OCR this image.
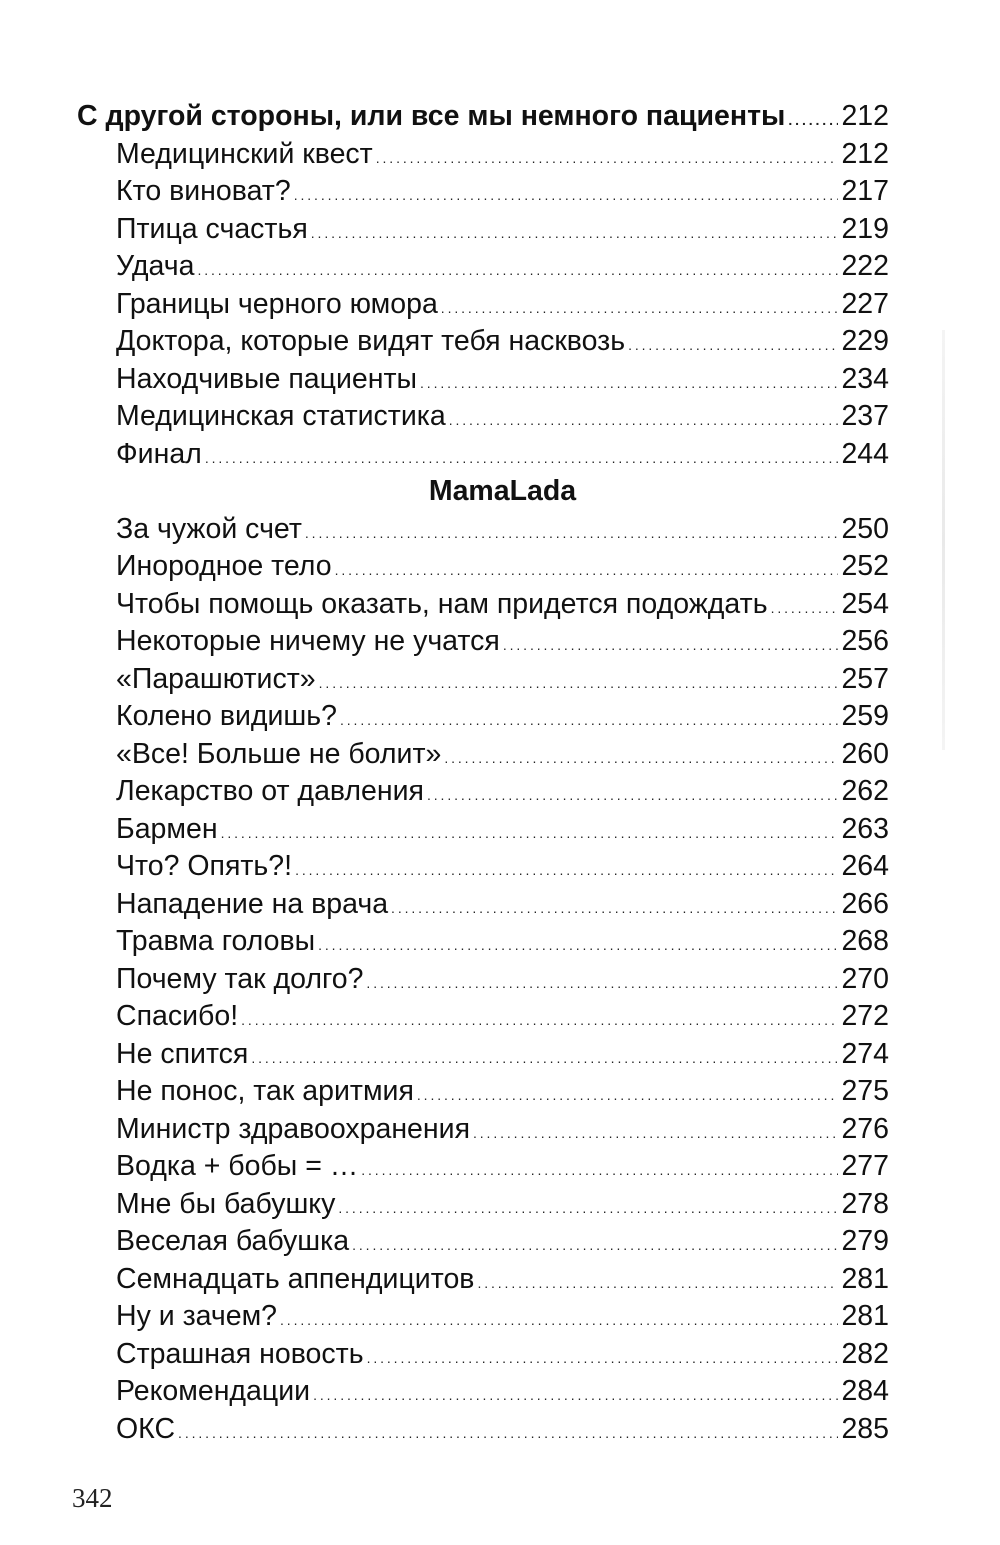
С другой стороны, или все мы немного пациенты . . . 212
Медицинский квест . . .	212
Кто виноват? . . .	217
Птица счастья . . .	219
Удача . . .	222
Границы черного юмора . . .	227
Доктора, которые видят тебя насквозь . . .	229
Находчивые пациенты . . .	234
Медицинская статистика . . .	237
Финал . . .	244
MamaLada
За чужой счет . . .	250
Инородное тело . . .	252
Чтобы помощь оказать, нам придется подождать . . .	254
Некоторые ничему не учатся . . .	256
«Парашютист» . . .	257
Колено видишь? . . .	259
«Все! Больше не болит» . . .	260
Лекарство от давления . . .	262
Бармен . . .	263
Что? Опять?! . . .	264
Нападение на врача . . .	266
Травма головы . . .	268
Почему так долго? . . .	270
Спасибо! . . .	272
Не спится . . .	274
Не понос, так аритмия . . .	275
Министр здравоохранения . . .	276
Водка + бобы = … . . .	277
Мне бы бабушку . . .	278
Веселая бабушка . . .	279
Семнадцать аппендицитов . . .	281
Ну и зачем? . . .	281
Страшная новость . . .	282
Рекомендации . . .	284
ОКС . . .	285
342
